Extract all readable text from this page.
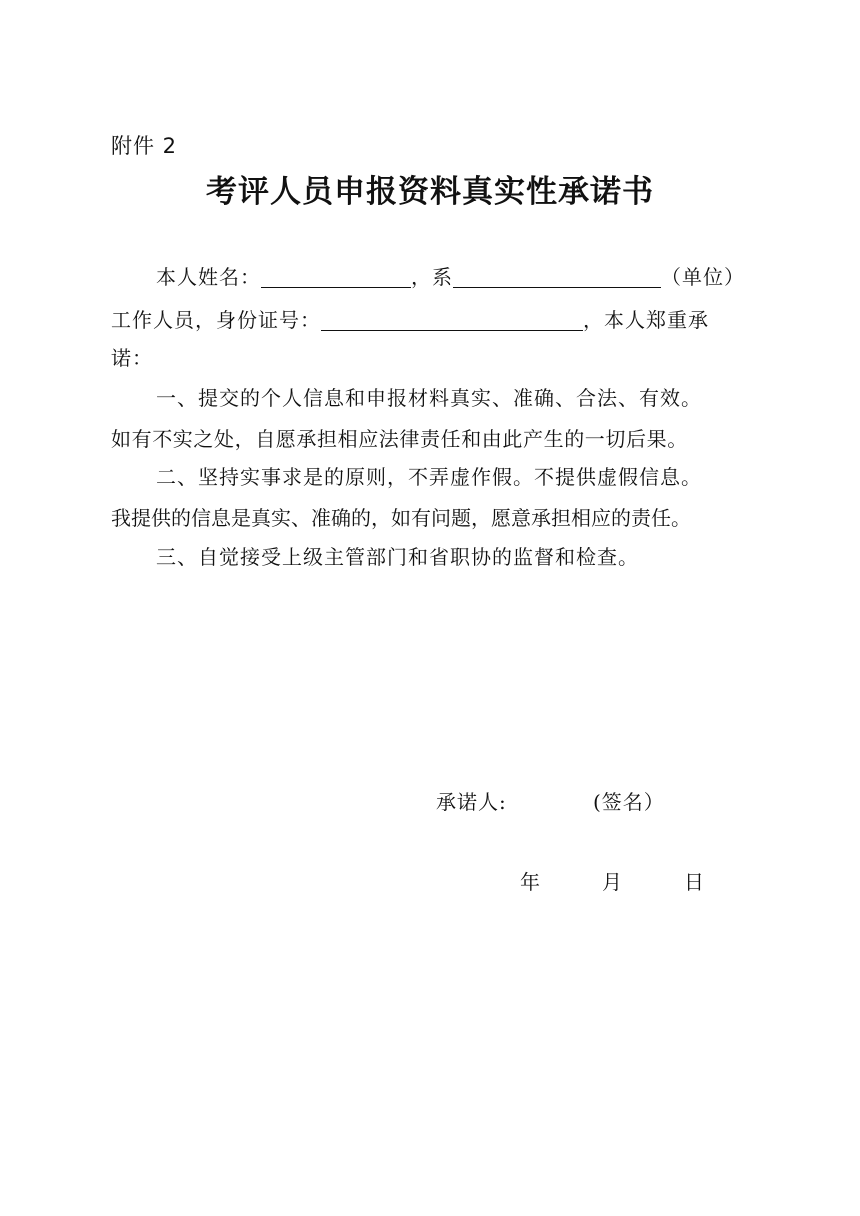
附件 2
考评人员申报资料真实性承诺书
本人姓名：	，系	（单位）
工作人员，身份证号：	，本人郑重承
诺：
一、提交的个人信息和申报材料真实、准确、合法、有效。
如有不实之处，自愿承担相应法律责任和由此产生的一切后果。
二、坚持实事求是的原则，不弄虚作假。不提供虚假信息。
我提供的信息是真实、准确的，如有问题，愿意承担相应的责任。
三、自觉接受上级主管部门和省职协的监督和检查。
承诺人:	(签名）
年	月	日
